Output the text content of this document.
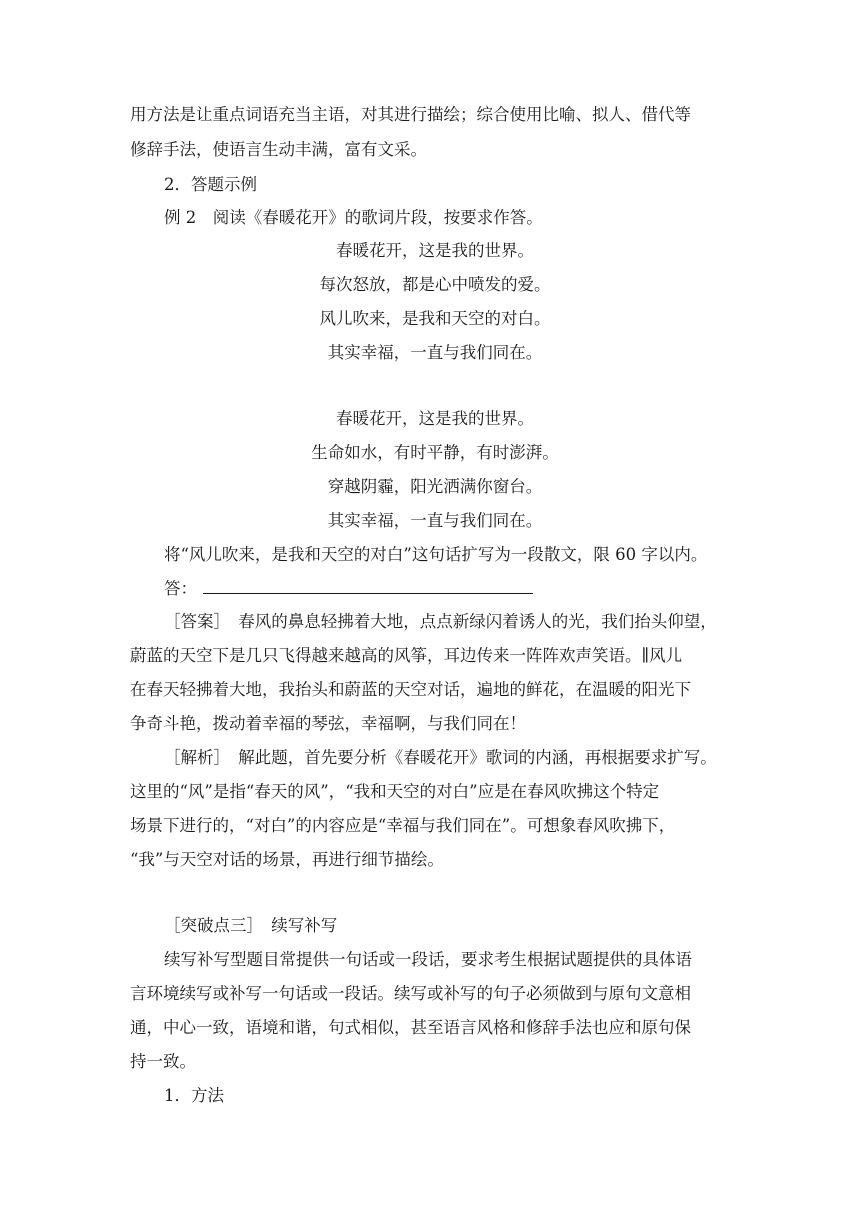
用方法是让重点词语充当主语，对其进行描绘；综合使用比喻、拟人、借代等
修辞手法，使语言生动丰满，富有文采。
2．答题示例
例 2　阅读《春暖花开》的歌词片段，按要求作答。
春暖花开，这是我的世界。
每次怒放，都是心中喷发的爱。
风儿吹来，是我和天空的对白。
其实幸福，一直与我们同在。
春暖花开，这是我的世界。
生命如水，有时平静，有时澎湃。
穿越阴霾，阳光洒满你窗台。
其实幸福，一直与我们同在。
将“风儿吹来，是我和天空的对白”这句话扩写为一段散文，限 60 字以内。
答：
［答案］　春风的鼻息轻拂着大地，点点新绿闪着诱人的光，我们抬头仰望，
蔚蓝的天空下是几只飞得越来越高的风筝，耳边传来一阵阵欢声笑语。∥风儿
在春天轻拂着大地，我抬头和蔚蓝的天空对话，遍地的鲜花，在温暖的阳光下
争奇斗艳，拨动着幸福的琴弦，幸福啊，与我们同在！
［解析］　解此题，首先要分析《春暖花开》歌词的内涵，再根据要求扩写。
这里的“风”是指“春天的风”，“我和天空的对白”应是在春风吹拂这个特定
场景下进行的，“对白”的内容应是“幸福与我们同在”。可想象春风吹拂下，
“我”与天空对话的场景，再进行细节描绘。
［突破点三］　续写补写
续写补写型题目常提供一句话或一段话，要求考生根据试题提供的具体语
言环境续写或补写一句话或一段话。续写或补写的句子必须做到与原句文意相
通，中心一致，语境和谐，句式相似，甚至语言风格和修辞手法也应和原句保
持一致。
1．方法
